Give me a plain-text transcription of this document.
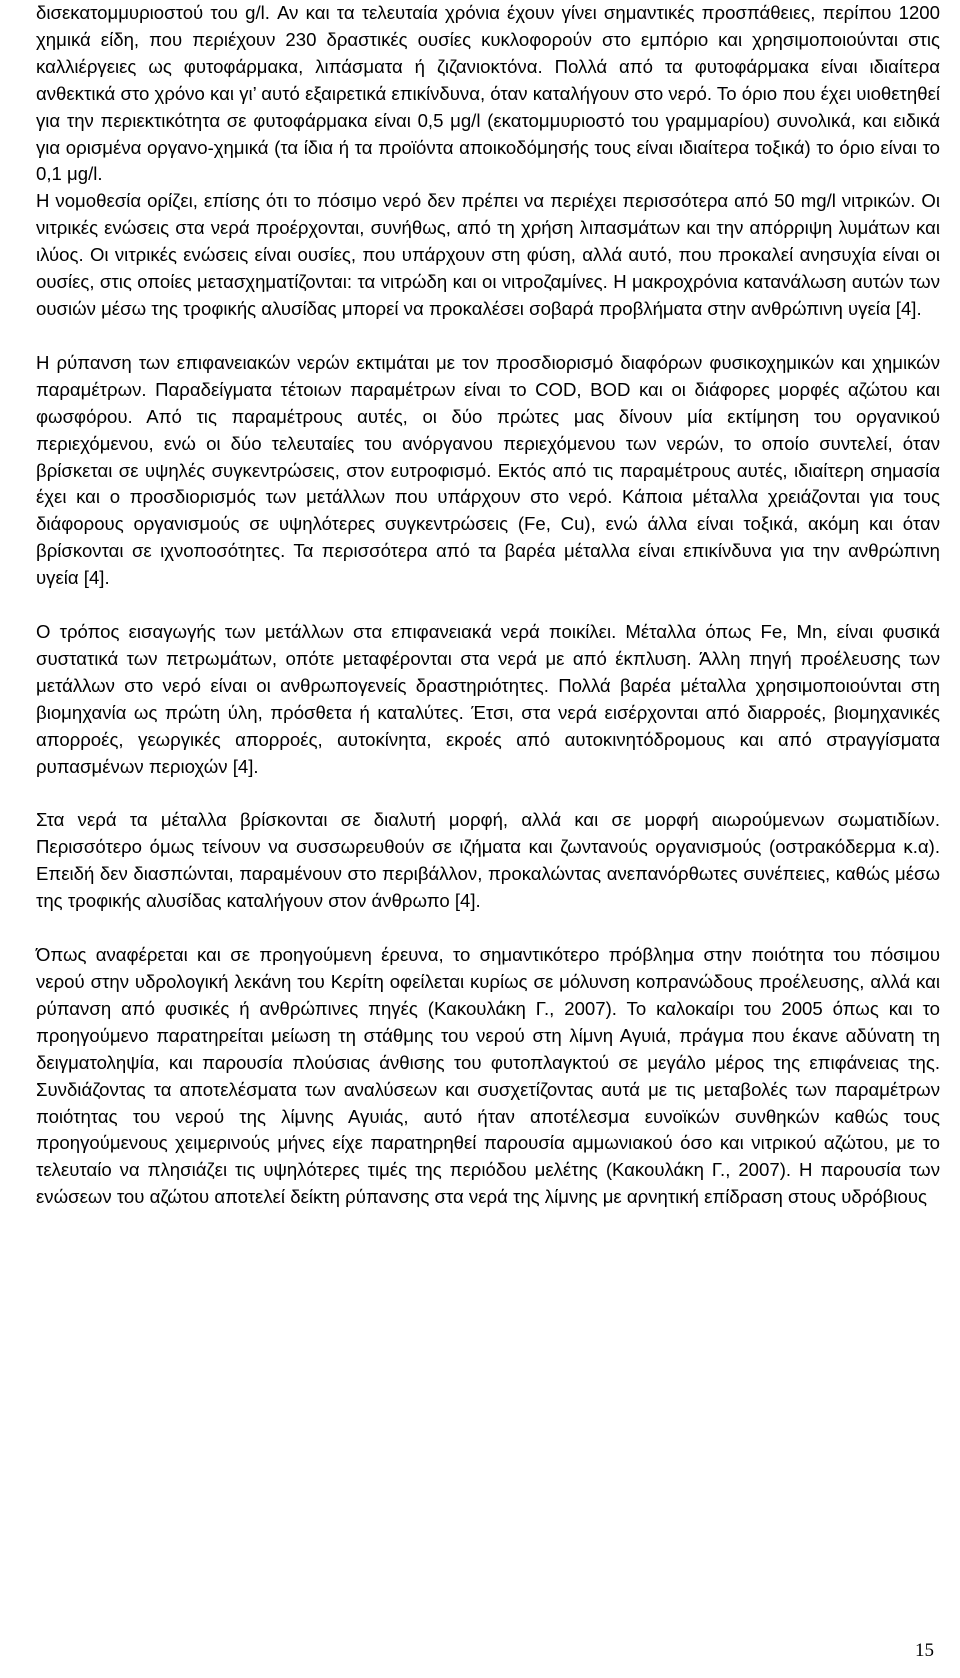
δισεκατομμυριοστού του g/l. Αν και τα τελευταία χρόνια έχουν γίνει σημαντικές προσπάθειες, περίπου 1200 χημικά είδη, που περιέχουν 230 δραστικές ουσίες κυκλοφορούν στο εμπόριο και χρησιμοποιούνται στις καλλιέργειες ως φυτοφάρμακα, λιπάσματα ή ζιζανιοκτόνα. Πολλά από τα φυτοφάρμακα είναι ιδιαίτερα ανθεκτικά στο χρόνο και γι’ αυτό εξαιρετικά επικίνδυνα, όταν καταλήγουν στο νερό. Το όριο που έχει υιοθετηθεί για την περιεκτικότητα σε φυτοφάρμακα είναι 0,5 μg/l (εκατομμυριοστό του γραμμαρίου) συνολικά, και ειδικά για ορισμένα οργανο-χημικά (τα ίδια ή τα προϊόντα αποικοδόμησής τους είναι ιδιαίτερα τοξικά) το όριο είναι το 0,1 μg/l.

Η νομοθεσία ορίζει, επίσης ότι το πόσιμο νερό δεν πρέπει να περιέχει περισσότερα από 50 mg/l νιτρικών. Οι νιτρικές ενώσεις στα νερά προέρχονται, συνήθως, από τη χρήση λιπασμάτων και την απόρριψη λυμάτων και ιλύος. Οι νιτρικές ενώσεις είναι ουσίες, που υπάρχουν στη φύση, αλλά αυτό, που προκαλεί ανησυχία είναι οι ουσίες, στις οποίες μετασχηματίζονται: τα νιτρώδη και οι νιτροζαμίνες. Η μακροχρόνια κατανάλωση αυτών των ουσιών μέσω της τροφικής αλυσίδας μπορεί να προκαλέσει σοβαρά προβλήματα στην ανθρώπινη υγεία [4].

Η ρύπανση των επιφανειακών νερών εκτιμάται με τον προσδιορισμό διαφόρων φυσικοχημικών και χημικών παραμέτρων. Παραδείγματα τέτοιων παραμέτρων είναι το COD, BOD και οι διάφορες μορφές αζώτου και φωσφόρου. Από τις παραμέτρους αυτές, οι δύο πρώτες μας δίνουν μία εκτίμηση του οργανικού περιεχόμενου, ενώ οι δύο τελευταίες του ανόργανου περιεχόμενου των νερών, το οποίο συντελεί, όταν βρίσκεται σε υψηλές συγκεντρώσεις, στον ευτροφισμό. Εκτός από τις παραμέτρους αυτές, ιδιαίτερη σημασία έχει και ο προσδιορισμός των μετάλλων που υπάρχουν στο νερό. Κάποια μέταλλα χρειάζονται για τους διάφορους οργανισμούς σε υψηλότερες συγκεντρώσεις (Fe, Cu), ενώ άλλα είναι τοξικά, ακόμη και όταν βρίσκονται σε ιχνοποσότητες. Τα περισσότερα από τα βαρέα μέταλλα είναι επικίνδυνα για την ανθρώπινη υγεία [4].

Ο τρόπος εισαγωγής των μετάλλων στα επιφανειακά νερά ποικίλει. Μέταλλα όπως Fe, Mn, είναι φυσικά συστατικά των πετρωμάτων, οπότε μεταφέρονται στα νερά με από έκπλυση. Άλλη πηγή προέλευσης των μετάλλων στο νερό είναι οι ανθρωπογενείς δραστηριότητες. Πολλά βαρέα μέταλλα χρησιμοποιούνται στη βιομηχανία ως πρώτη ύλη, πρόσθετα ή καταλύτες. Έτσι, στα νερά εισέρχονται από διαρροές, βιομηχανικές απορροές, γεωργικές απορροές, αυτοκίνητα, εκροές από αυτοκινητόδρομους και από στραγγίσματα ρυπασμένων περιοχών [4].

Στα νερά τα μέταλλα βρίσκονται σε διαλυτή μορφή, αλλά και σε μορφή αιωρούμενων σωματιδίων. Περισσότερο όμως τείνουν να συσσωρευθούν σε ιζήματα και ζωντανούς οργανισμούς (οστρακόδερμα κ.α). Επειδή δεν διασπώνται, παραμένουν στο περιβάλλον, προκαλώντας ανεπανόρθωτες συνέπειες, καθώς μέσω της τροφικής αλυσίδας καταλήγουν στον άνθρωπο [4].

Όπως αναφέρεται και σε προηγούμενη έρευνα, το σημαντικότερο πρόβλημα στην ποιότητα του πόσιμου νερού στην υδρολογική λεκάνη του Κερίτη οφείλεται κυρίως σε μόλυνση κοπρανώδους προέλευσης, αλλά και ρύπανση από φυσικές ή ανθρώπινες πηγές (Κακουλάκη Γ., 2007). Το καλοκαίρι του 2005 όπως και το προηγούμενο παρατηρείται μείωση τη στάθμης του νερού στη λίμνη Αγυιά, πράγμα που έκανε αδύνατη τη δειγματοληψία, και παρουσία πλούσιας άνθισης του φυτοπλαγκτού σε μεγάλο μέρος της επιφάνειας της. Συνδιάζοντας τα αποτελέσματα των αναλύσεων και συσχετίζοντας αυτά με τις μεταβολές των παραμέτρων ποιότητας του νερού της λίμνης Αγυιάς, αυτό ήταν αποτέλεσμα ευνοϊκών συνθηκών καθώς τους προηγούμενους χειμερινούς μήνες είχε παρατηρηθεί παρουσία αμμωνιακού όσο και νιτρικού αζώτου, με το τελευταίο να πλησιάζει τις υψηλότερες τιμές της περιόδου μελέτης (Κακουλάκη Γ., 2007). Η παρουσία των ενώσεων του αζώτου αποτελεί δείκτη ρύπανσης στα νερά της λίμνης με αρνητική επίδραση στους υδρόβιους

15
